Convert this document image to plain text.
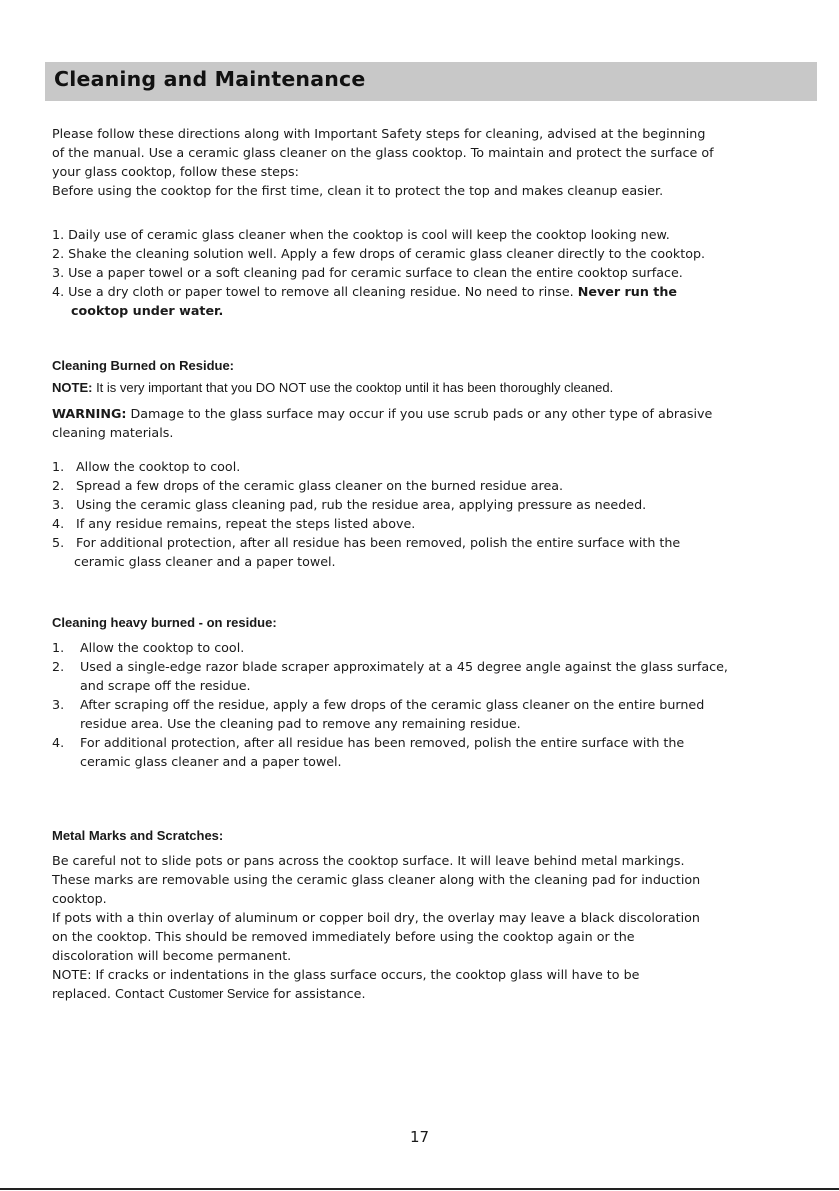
Cleaning and Maintenance
Please follow these directions along with Important Safety steps for cleaning, advised at the beginning
of the manual. Use a ceramic glass cleaner on the glass cooktop. To maintain and protect the surface of
your glass cooktop, follow these steps:
Before using the cooktop for the first time, clean it to protect the top and makes cleanup easier.
1. Daily use of ceramic glass cleaner when the cooktop is cool will keep the cooktop looking new.
2. Shake the cleaning solution well. Apply a few drops of ceramic glass cleaner directly to the cooktop.
3. Use a paper towel or a soft cleaning pad for ceramic surface to clean the entire cooktop surface.
4. Use a dry cloth or paper towel to remove all cleaning residue. No need to rinse. Never run the
cooktop under water.
Cleaning Burned on Residue:
NOTE: It is very important that you DO NOT use the cooktop until it has been thoroughly cleaned.
WARNING: Damage to the glass surface may occur if you use scrub pads or any other type of abrasive
cleaning materials.
1. Allow the cooktop to cool.
2. Spread a few drops of the ceramic glass cleaner on the burned residue area.
3. Using the ceramic glass cleaning pad, rub the residue area, applying pressure as needed.
4. If any residue remains, repeat the steps listed above.
5. For additional protection, after all residue has been removed, polish the entire surface with the
ceramic glass cleaner and a paper towel.
Cleaning heavy burned - on residue:
1. Allow the cooktop to cool.
2. Used a single-edge razor blade scraper approximately at a 45 degree angle against the glass surface,
and scrape off the residue.
3. After scraping off the residue, apply a few drops of the ceramic glass cleaner on the entire burned
residue area. Use the cleaning pad to remove any remaining residue.
4. For additional protection, after all residue has been removed, polish the entire surface with the
ceramic glass cleaner and a paper towel.
Metal Marks and Scratches:
Be careful not to slide pots or pans across the cooktop surface. It will leave behind metal markings.
These marks are removable using the ceramic glass cleaner along with the cleaning pad for induction
cooktop.
If pots with a thin overlay of aluminum or copper boil dry, the overlay may leave a black discoloration
on the cooktop. This should be removed immediately before using the cooktop again or the
discoloration will become permanent.
NOTE: If cracks or indentations in the glass surface occurs, the cooktop glass will have to be
replaced. Contact Customer Service for assistance.
17
